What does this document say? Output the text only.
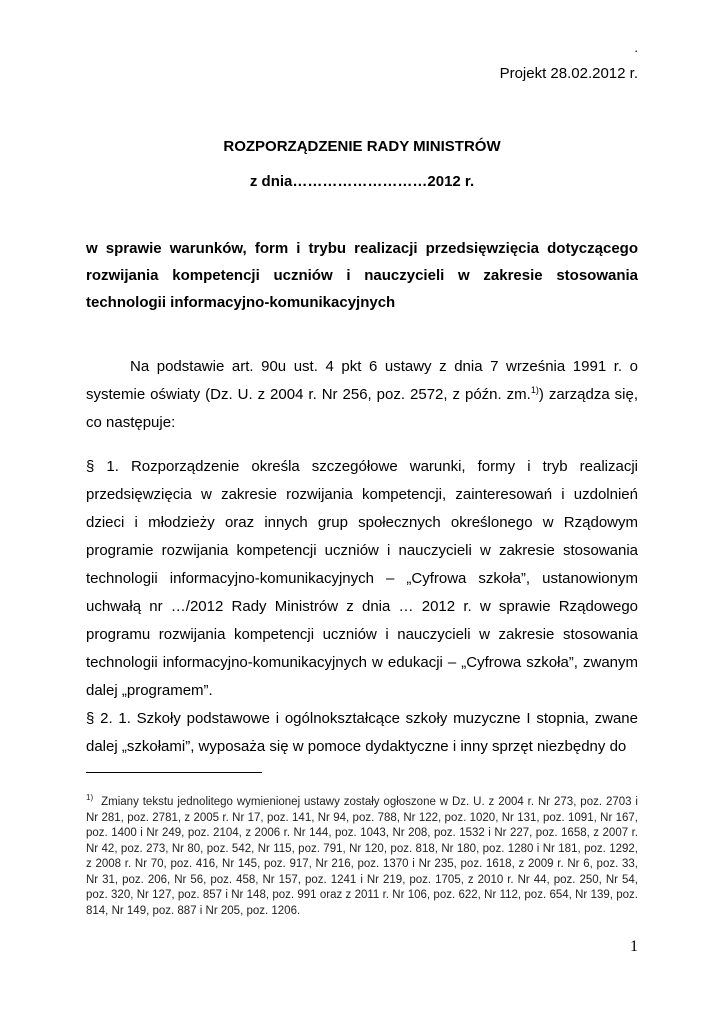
.
Projekt 28.02.2012 r.
ROZPORZĄDZENIE RADY MINISTRÓW
z dnia………………………2012 r.
w sprawie warunków, form i trybu realizacji przedsięwzięcia dotyczącego rozwijania kompetencji uczniów i nauczycieli w zakresie stosowania technologii informacyjno-komunikacyjnych
Na podstawie art. 90u ust. 4 pkt 6 ustawy z dnia 7 września 1991 r. o systemie oświaty (Dz. U. z 2004 r. Nr 256, poz. 2572, z późn. zm.$^{1)}$) zarządza się, co następuje:
§ 1. Rozporządzenie określa szczegółowe warunki, formy i tryb realizacji przedsięwzięcia w zakresie rozwijania kompetencji, zainteresowań i uzdolnień dzieci i młodzieży oraz innych grup społecznych określonego w Rządowym programie rozwijania kompetencji uczniów i nauczycieli w zakresie stosowania technologii informacyjno-komunikacyjnych – „Cyfrowa szkoła”, ustanowionym uchwałą nr …/2012 Rady Ministrów z dnia … 2012 r. w sprawie Rządowego programu rozwijania kompetencji uczniów i nauczycieli w zakresie stosowania technologii informacyjno-komunikacyjnych w edukacji – „Cyfrowa szkoła”, zwanym dalej „programem”.
§ 2. 1. Szkoły podstawowe i ogólnokształcące szkoły muzyczne I stopnia, zwane dalej „szkołami”, wyposaża się w pomoce dydaktyczne i inny sprzęt niezbędny do
$^{1)}$ Zmiany tekstu jednolitego wymienionej ustawy zostały ogłoszone w Dz. U. z 2004 r. Nr 273, poz. 2703 i Nr 281, poz. 2781, z 2005 r. Nr 17, poz. 141, Nr 94, poz. 788, Nr 122, poz. 1020, Nr 131, poz. 1091, Nr 167, poz. 1400 i Nr 249, poz. 2104, z 2006 r. Nr 144, poz. 1043, Nr 208, poz. 1532 i Nr 227, poz. 1658, z 2007 r. Nr 42, poz. 273, Nr 80, poz. 542, Nr 115, poz. 791, Nr 120, poz. 818, Nr 180, poz. 1280 i Nr 181, poz. 1292, z 2008 r. Nr 70, poz. 416, Nr 145, poz. 917, Nr 216, poz. 1370 i Nr 235, poz. 1618, z 2009 r. Nr 6, poz. 33, Nr 31, poz. 206, Nr 56, poz. 458, Nr 157, poz. 1241 i Nr 219, poz. 1705, z 2010 r. Nr 44, poz. 250, Nr 54, poz. 320, Nr 127, poz. 857 i Nr 148, poz. 991 oraz z 2011 r. Nr 106, poz. 622, Nr 112, poz. 654, Nr 139, poz. 814, Nr 149, poz. 887 i Nr 205, poz. 1206.
1
